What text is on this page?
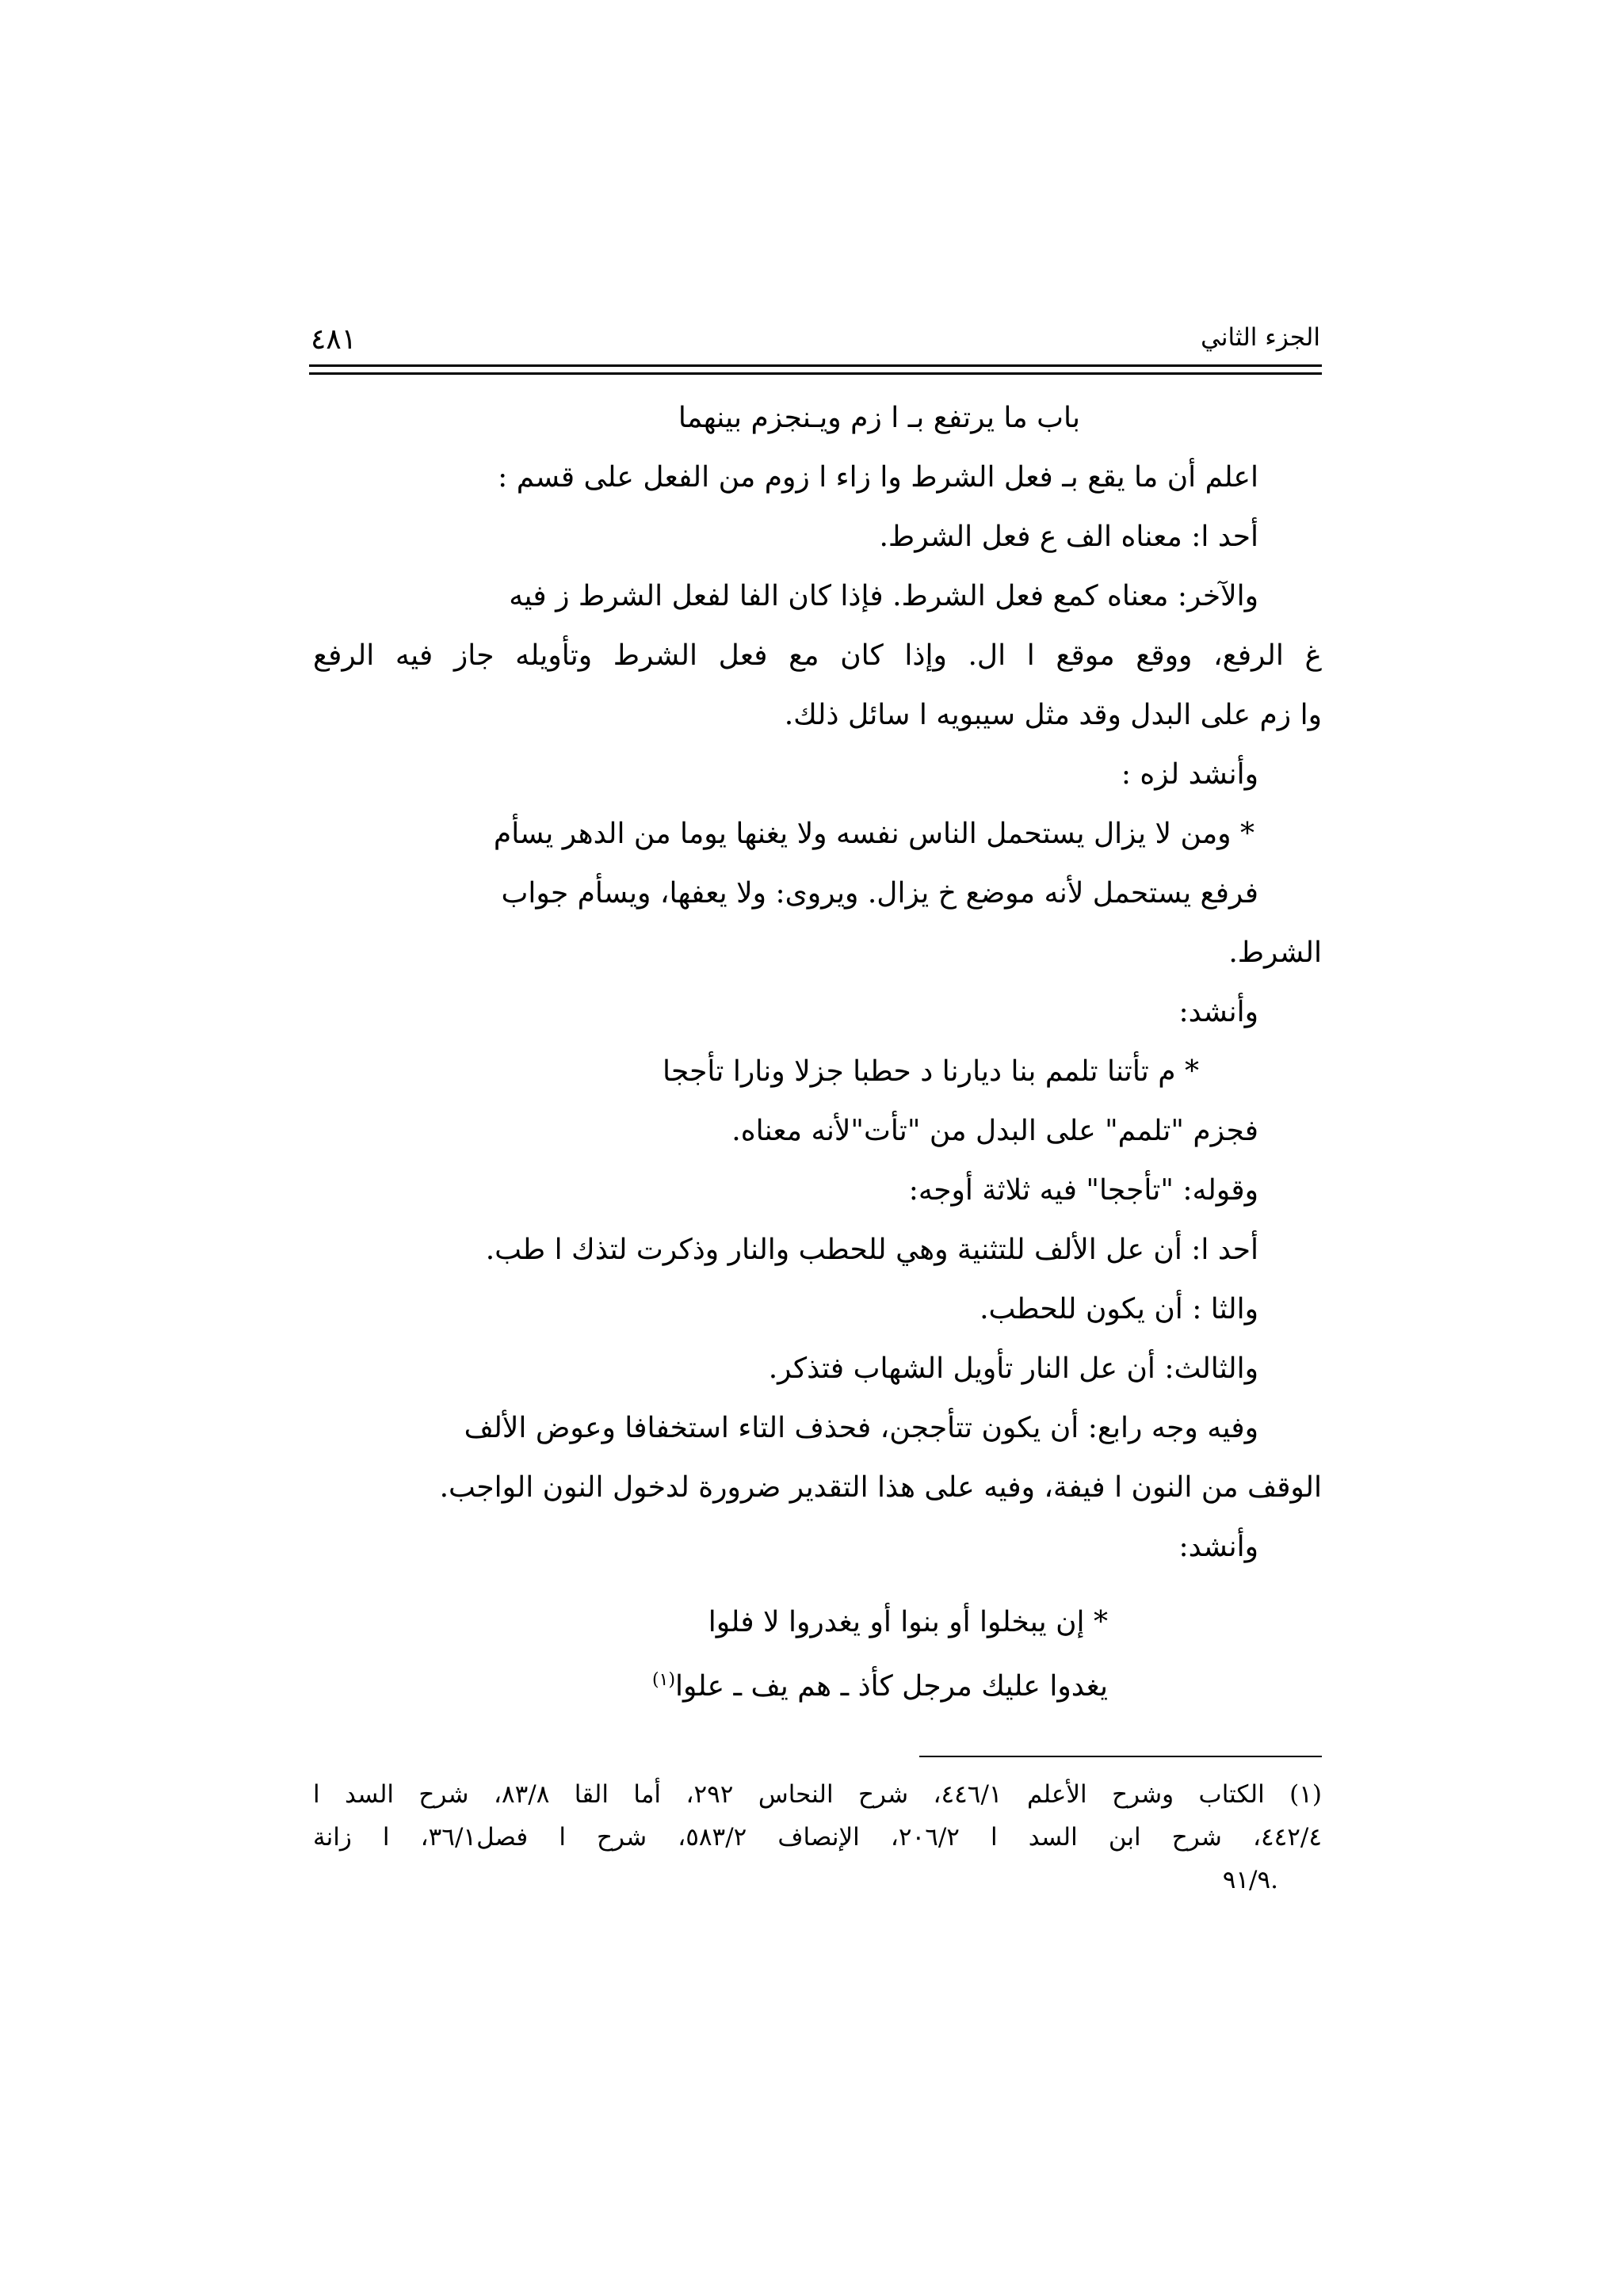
الجزء الثاني
٤٨١
باب ما يرتفع بـ ا زم ويـنجزم بينهما
اعلم أن ما يقع بـ فعل الشرط وا زاء ا زوم من الفعل على قسم :
أحد ا: معناه الف ع فعل الشرط.
والآخر: معناه كمع فعل الشرط. فإذا كان الفا لفعل الشرط ز فيه
غ الرفع، ووقع موقع ا ال. وإذا كان مع فعل الشرط وتأويله جاز فيه الرفع
وا زم على البدل وقد مثل سيبويه ا سائل ذلك.
وأنشد لزه :
* ومن لا يزال يستحمل الناس نفسه ولا يغنها يوما من الدهر يسأم
فرفع يستحمل لأنه موضع خ يزال. ويروى: ولا يعفها، ويسأم جواب
الشرط.
وأنشد:
* م تأتنا تلمم بنا ديارنا د حطبا جزلا ونارا تأججا
فجزم "تلمم" على البدل من "تأت"لأنه معناه.
وقوله: "تأججا" فيه ثلاثة أوجه:
أحد ا: أن عل الألف للتثنية وهي للحطب والنار وذكرت لتذك ا طب.
والثا : أن يكون للحطب.
والثالث: أن عل النار تأويل الشهاب فتذكر.
وفيه وجه رابع: أن يكون تتأججن، فحذف التاء استخفافا وعوض الألف
الوقف من النون ا فيفة، وفيه على هذا التقدير ضرورة لدخول النون الواجب.
وأنشد:
* إن يبخلوا أو بنوا أو يغدروا لا فلوا
يغدوا عليك مرجل كأذ ـ هم يف ـ علوا$^{(١)}$
(١) الكتاب وشرح الأعلم ٤٤٦/١، شرح النحاس ٢٩٢، أما القا ٨٣/٨، شرح السد ا
٤٤٢/٤، شرح ابن السد ا ٢٠٦/٢، الإنصاف ٥٨٣/٢، شرح ا فصل٣٦/١، ا زانة
.٩١/٩
